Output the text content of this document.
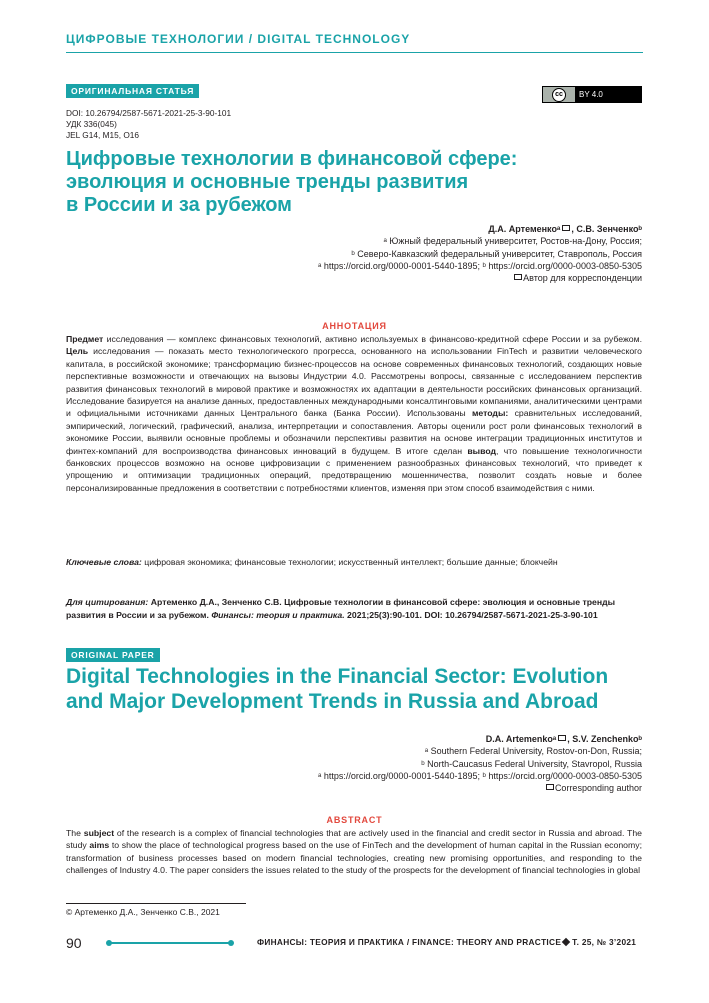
ЦИФРОВЫЕ ТЕХНОЛОГИИ / DIGITAL TECHNOLOGY
ОРИГИНАЛЬНАЯ СТАТЬЯ	cc	BY 4.0
DOI: 10.26794/2587-5671-2021-25-3-90-101
УДК 336(045)
JEL G14, M15, O16
Цифровые технологии в финансовой сфере:
эволюция и основные тренды развития
в России и за рубежом
Д.А. Артеменкоᵃ , С.В. Зенченкоᵇ
ᵃ Южный федеральный университет, Ростов-на-Дону, Россия;
ᵇ Северо-Кавказский федеральный университет, Ставрополь, Россия
ᵃ https://orcid.org/0000-0001-5440-1895; ᵇ https://orcid.org/0000-0003-0850-5305
Автор для корреспонденции
АННОТАЦИЯ
Предмет исследования — комплекс финансовых технологий, активно используемых в финансово-кредитной сфере России и за рубежом. Цель исследования — показать место технологического прогресса, основанного на использовании FinTech и развитии человеческого капитала, в российской экономике; трансформацию бизнес-процессов на основе современных финансовых технологий, создающих новые перспективные возможности и отвечающих на вызовы Индустрии 4.0. Рассмотрены вопросы, связанные с исследованием перспектив развития финансовых технологий в мировой практике и возможностях их адаптации в деятельности российских финансовых организаций. Исследование базируется на анализе данных, предоставленных международными консалтинговыми компаниями, аналитическими центрами и официальными источниками данных Центрального банка (Банка России). Использованы методы: сравнительных исследований, эмпирический, логический, графический, анализа, интерпретации и сопоставления. Авторы оценили рост роли финансовых технологий в экономике России, выявили основные проблемы и обозначили перспективы развития на основе интеграции традиционных институтов и финтех-компаний для воспроизводства финансовых инноваций в будущем. В итоге сделан вывод, что повышение технологичности банковских процессов возможно на основе цифровизации с применением разнообразных финансовых технологий, что приведет к упрощению и оптимизации традиционных операций, предотвращению мошенничества, позволит создать новые и более персонализированные предложения в соответствии с потребностями клиентов, изменяя при этом способ взаимодействия с ними.
Ключевые слова: цифровая экономика; финансовые технологии; искусственный интеллект; большие данные; блокчейн
Для цитирования: Артеменко Д.А., Зенченко С.В. Цифровые технологии в финансовой сфере: эволюция и основные тренды развития в России и за рубежом. Финансы: теория и практика. 2021;25(3):90-101. DOI: 10.26794/2587-5671-2021-25-3-90-101
ORIGINAL PAPER
Digital Technologies in the Financial Sector: Evolution
and Major Development Trends in Russia and Abroad
D.A. Artemenkoᵃ , S.V. Zenchenkoᵇ
ᵃ Southern Federal University, Rostov-on-Don, Russia;
ᵇ North-Caucasus Federal University, Stavropol, Russia
ᵃ https://orcid.org/0000-0001-5440-1895; ᵇ https://orcid.org/0000-0003-0850-5305
Corresponding author
ABSTRACT
The subject of the research is a complex of financial technologies that are actively used in the financial and credit sector in Russia and abroad. The study aims to show the place of technological progress based on the use of FinTech and the development of human capital in the Russian economy; transformation of business processes based on modern financial technologies, creating new promising opportunities, and responding to the challenges of Industry 4.0. The paper considers the issues related to the study of the prospects for the development of financial technologies in global
© Артеменко Д.А., Зенченко С.В., 2021
90	ФИНАНСЫ: ТЕОРИЯ И ПРАКТИКА / FINANCE: THEORY AND PRACTICE Т. 25, № 3’2021
